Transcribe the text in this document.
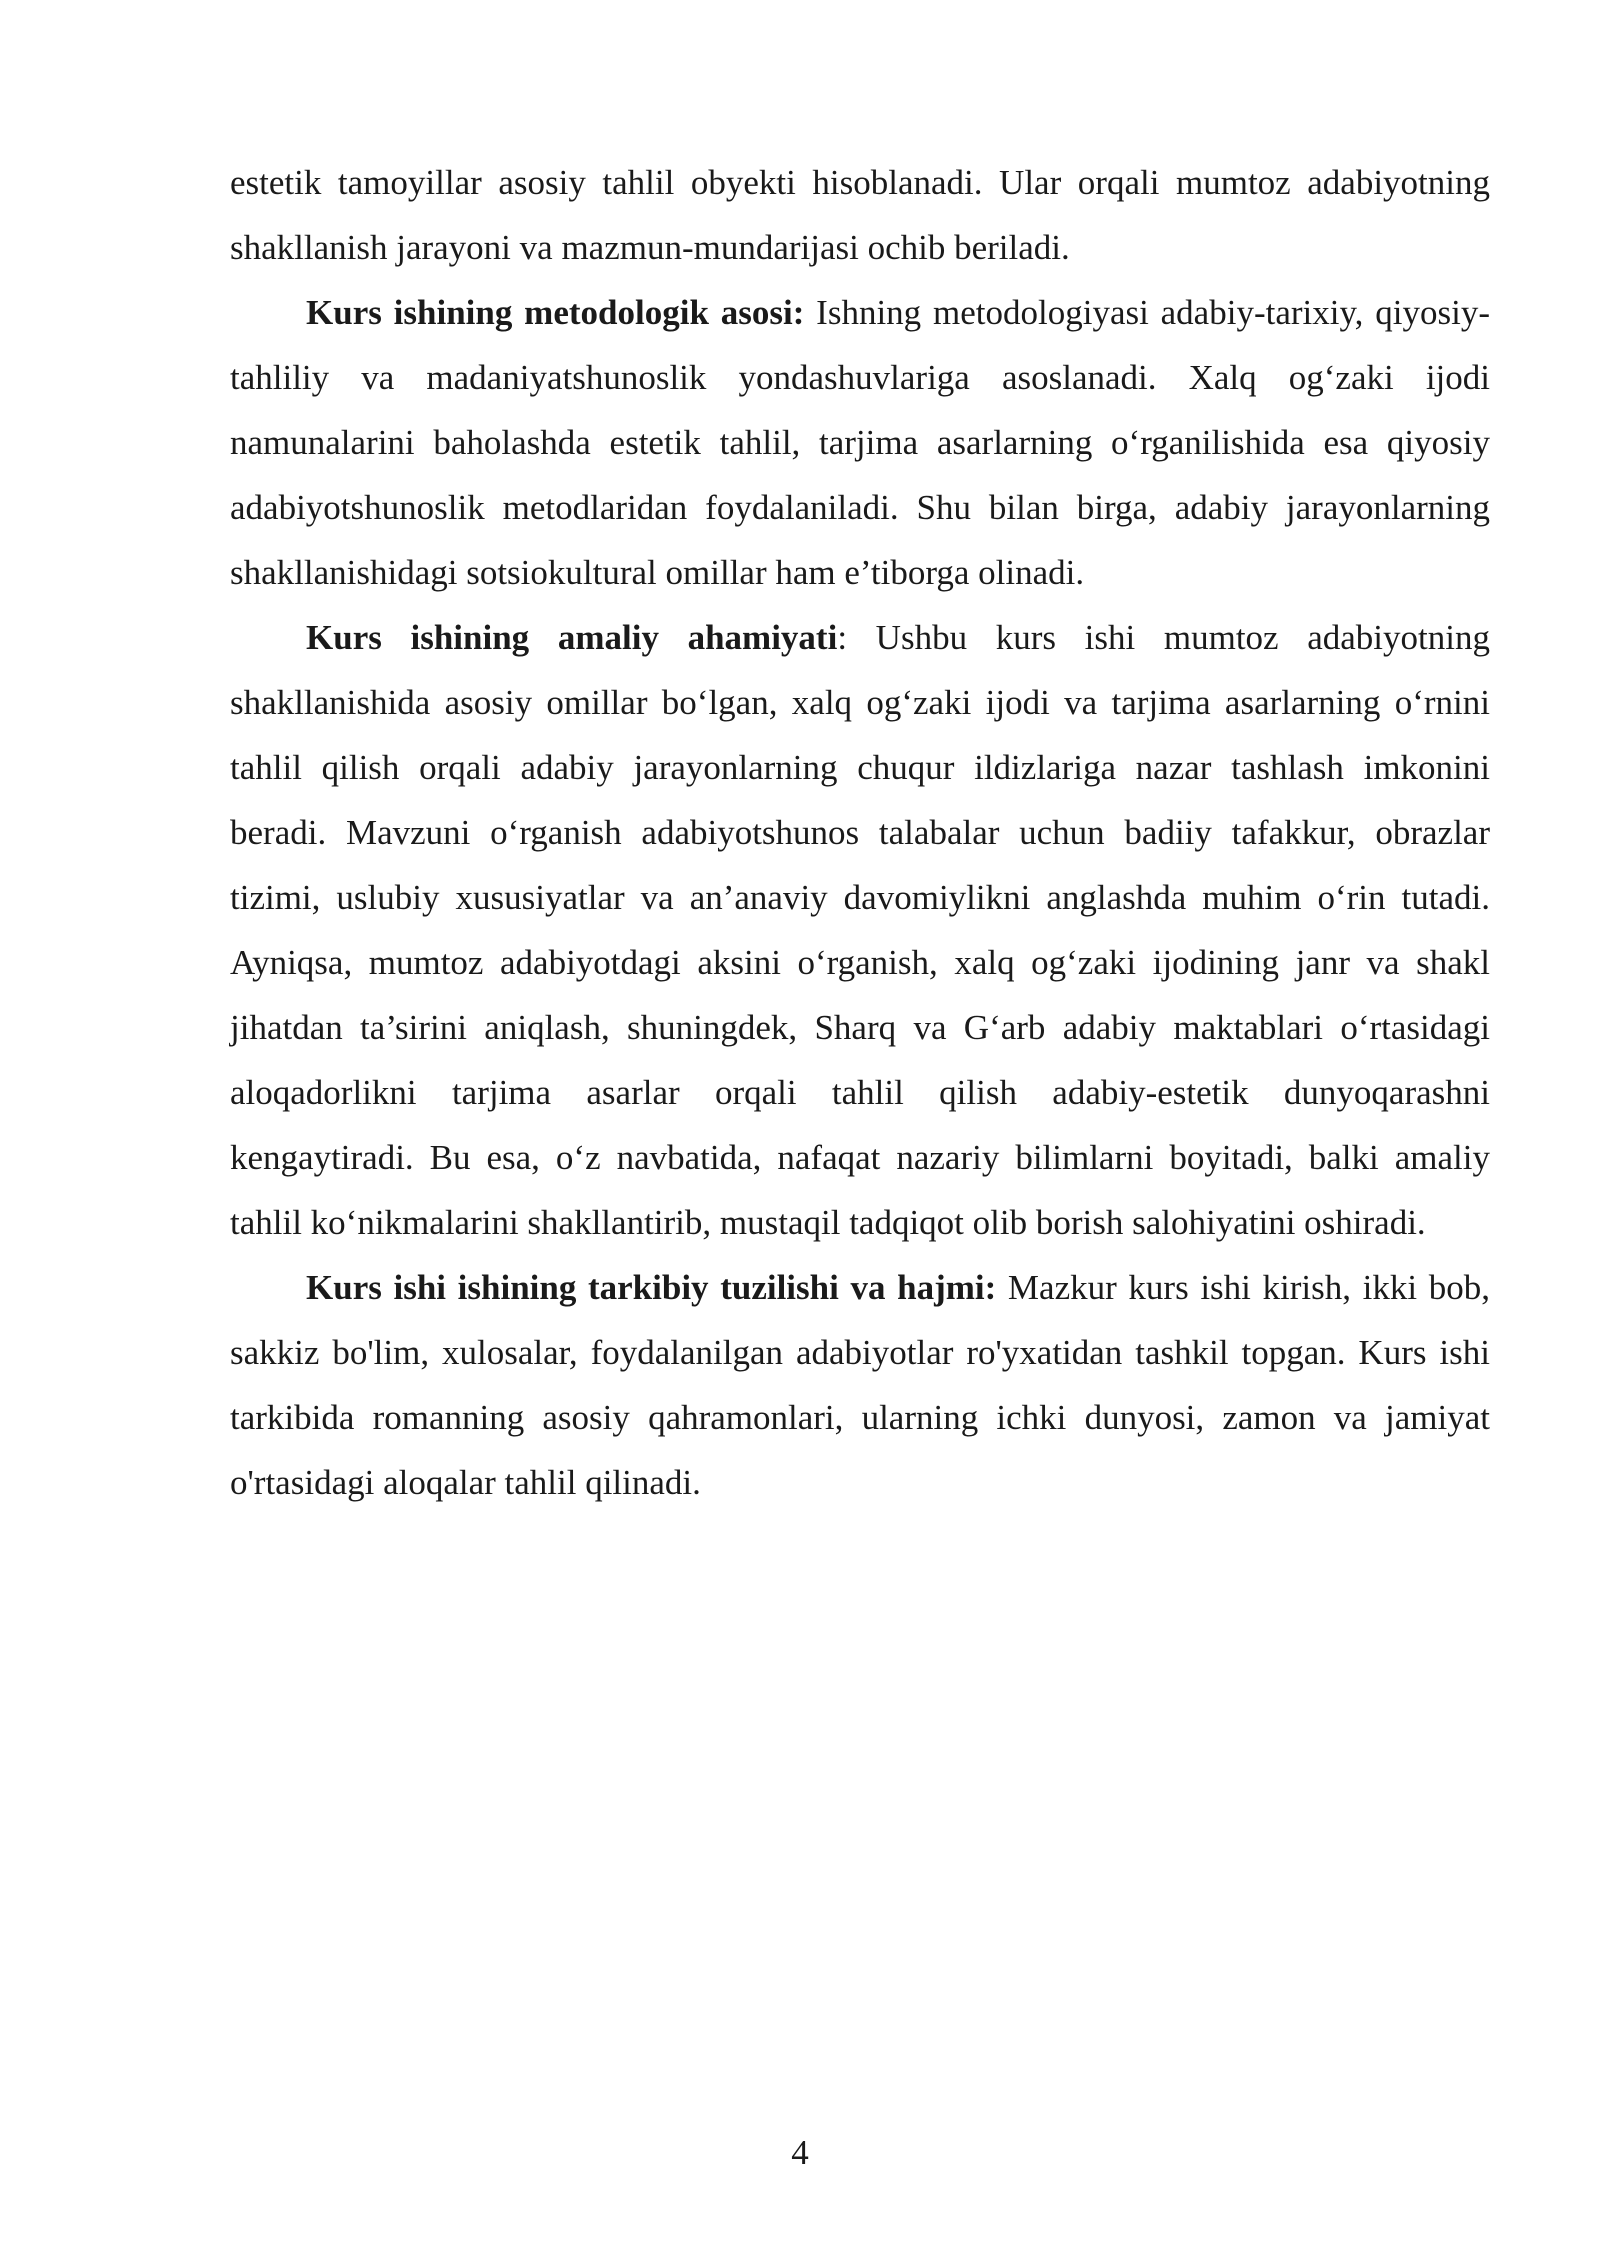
estetik tamoyillar asosiy tahlil obyekti hisoblanadi. Ular orqali mumtoz adabiyotning shakllanish jarayoni va mazmun-mundarijasi ochib beriladi.

Kurs ishining metodologik asosi: Ishning metodologiyasi adabiy-tarixiy, qiyosiy-tahliliy va madaniyatshunoslik yondashuvlariga asoslanadi. Xalq og‘zaki ijodi namunalarini baholashda estetik tahlil, tarjima asarlarning o‘rganilishida esa qiyosiy adabiyotshunoslik metodlaridan foydalaniladi. Shu bilan birga, adabiy jarayonlarning shakllanishidagi sotsiokultural omillar ham e’tiborga olinadi.

Kurs ishining amaliy ahamiyati: Ushbu kurs ishi mumtoz adabiyotning shakllanishida asosiy omillar bo‘lgan, xalq og‘zaki ijodi va tarjima asarlarning o‘rnini tahlil qilish orqali adabiy jarayonlarning chuqur ildizlariga nazar tashlash imkonini beradi. Mavzuni o‘rganish adabiyotshunos talabalar uchun badiiy tafakkur, obrazlar tizimi, uslubiy xususiyatlar va an’anaviy davomiylikni anglashda muhim o‘rin tutadi. Ayniqsa, mumtoz adabiyotdagi aksini o‘rganish, xalq og‘zaki ijodining janr va shakl jihatdan ta’sirini aniqlash, shuningdek, Sharq va G‘arb adabiy maktablari o‘rtasidagi aloqadorlikni tarjima asarlar orqali tahlil qilish adabiy-estetik dunyoqarashni kengaytiradi. Bu esa, o‘z navbatida, nafaqat nazariy bilimlarni boyitadi, balki amaliy tahlil ko‘nikmalarini shakllantirib, mustaqil tadqiqot olib borish salohiyatini oshiradi.

Kurs ishi ishining tarkibiy tuzilishi va hajmi: Mazkur kurs ishi kirish, ikki bob, sakkiz bo'lim, xulosalar, foydalanilgan adabiyotlar ro'yxatidan tashkil topgan. Kurs ishi tarkibida romanning asosiy qahramonlari, ularning ichki dunyosi, zamon va jamiyat o'rtasidagi aloqalar tahlil qilinadi.

4
